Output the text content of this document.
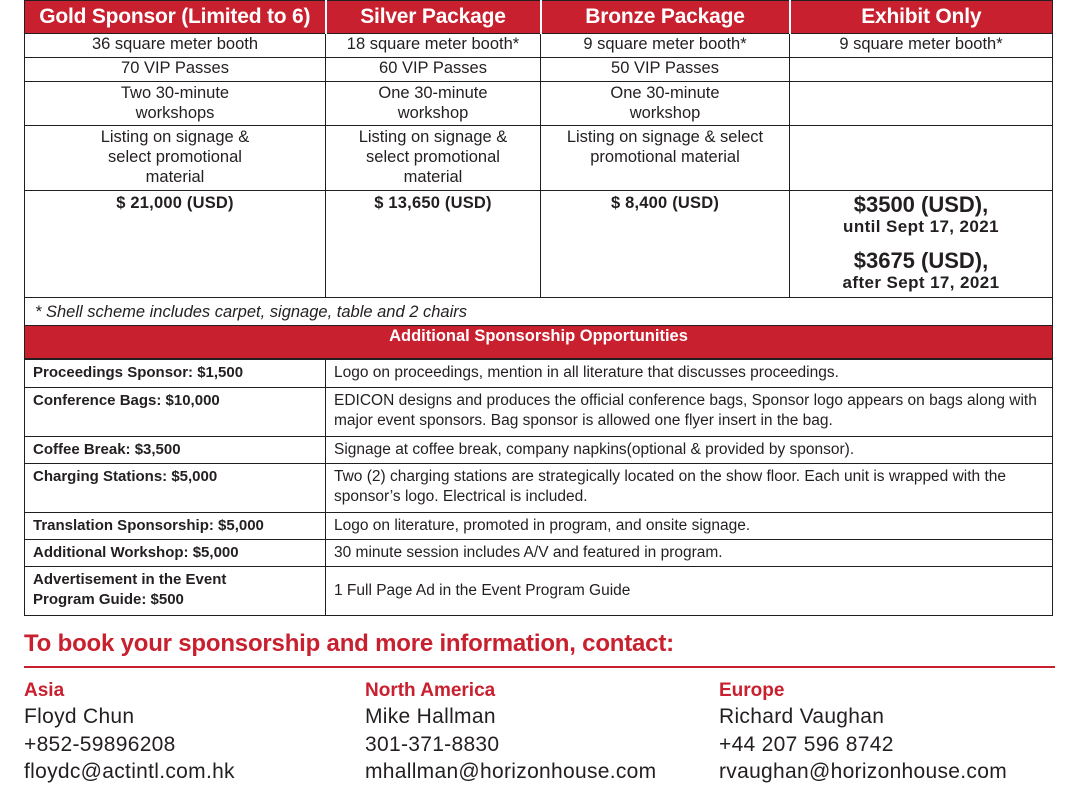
Gold Sponsor (Limited to 6)	Silver Package	Bronze Package	Exhibit Only
36 square meter booth	18 square meter booth*	9 square meter booth*	9 square meter booth*
70 VIP Passes	60 VIP Passes	50 VIP Passes	

Two 30-minute workshops	One 30-minute workshop	One 30-minute workshop	

Listing on signage & select promotional material	Listing on signage & select promotional material	Listing on signage & select promotional material	

$ 21,000 (USD)	$ 13,650 (USD)	$ 8,400 (USD)	$3500 (USD),
until Sept 17, 2021
$3675 (USD),
after Sept 17, 2021

* Shell scheme includes carpet, signage, table and 2 chairs			
Additional Sponsorship Opportunities			
Proceedings Sponsor: $1,500	Logo on proceedings, mention in all literature that discusses proceedings.
Conference Bags: $10,000	EDICON designs and produces the official conference bags, Sponsor logo appears on bags along with major event sponsors. Bag sponsor is allowed one flyer insert in the bag.
Coffee Break: $3,500	Signage at coffee break, company napkins(optional & provided by sponsor).
Charging Stations: $5,000	Two (2) charging stations are strategically located on the show floor. Each unit is wrapped with the sponsor’s logo. Electrical is included.
Translation Sponsorship: $5,000	Logo on literature, promoted in program, and onsite signage.
Additional Workshop: $5,000	30 minute session includes A/V and featured in program.

Advertisement in the Event Program Guide: $500	1 Full Page Ad in the Event Program Guide
To book your sponsorship and more information, contact:
Asia
Floyd Chun
+852-59896208
floydc@actintl.com.hk
North America
Mike Hallman
301-371-8830
mhallman@horizonhouse.com
Europe
Richard Vaughan
+44 207 596 8742
rvaughan@horizonhouse.com
